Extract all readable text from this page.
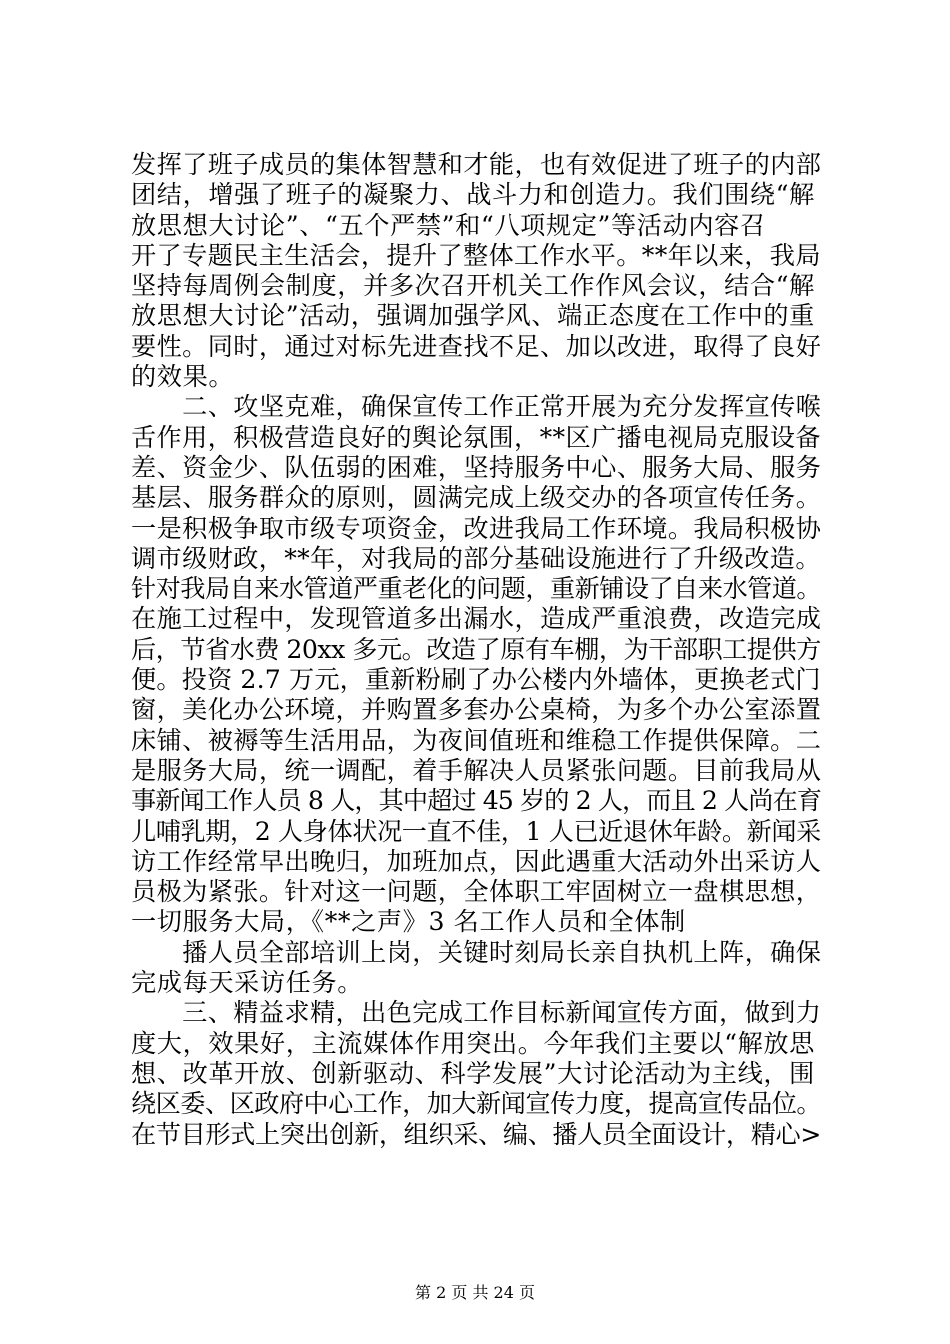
发挥了班子成员的集体智慧和才能，也有效促进了班子的内部
团结，增强了班子的凝聚力、战斗力和创造力。我们围绕“解
放思想大讨论”、“五个严禁”和“八项规定”等活动内容召
开了专题民主生活会，提升了整体工作水平。**年以来，我局
坚持每周例会制度，并多次召开机关工作作风会议，结合“解
放思想大讨论”活动，强调加强学风、端正态度在工作中的重
要性。同时，通过对标先进查找不足、加以改进，取得了良好
的效果。
　　二、攻坚克难，确保宣传工作正常开展为充分发挥宣传喉
舌作用，积极营造良好的舆论氛围，**区广播电视局克服设备
差、资金少、队伍弱的困难，坚持服务中心、服务大局、服务
基层、服务群众的原则，圆满完成上级交办的各项宣传任务。
一是积极争取市级专项资金，改进我局工作环境。我局积极协
调市级财政，**年，对我局的部分基础设施进行了升级改造。
针对我局自来水管道严重老化的问题，重新铺设了自来水管道。
在施工过程中，发现管道多出漏水，造成严重浪费，改造完成
后，节省水费 20xx 多元。改造了原有车棚，为干部职工提供方
便。投资 2.7 万元，重新粉刷了办公楼内外墙体，更换老式门
窗，美化办公环境，并购置多套办公桌椅，为多个办公室添置
床铺、被褥等生活用品，为夜间值班和维稳工作提供保障。二
是服务大局，统一调配，着手解决人员紧张问题。目前我局从
事新闻工作人员 8 人，其中超过 45 岁的 2 人，而且 2 人尚在育
儿哺乳期，2 人身体状况一直不佳，1 人已近退休年龄。新闻采
访工作经常早出晚归，加班加点，因此遇重大活动外出采访人
员极为紧张。针对这一问题，全体职工牢固树立一盘棋思想，
一切服务大局，《**之声》3 名工作人员和全体制
　　播人员全部培训上岗，关键时刻局长亲自执机上阵，确保
完成每天采访任务。
　　三、精益求精，出色完成工作目标新闻宣传方面，做到力
度大，效果好，主流媒体作用突出。今年我们主要以“解放思
想、改革开放、创新驱动、科学发展”大讨论活动为主线，围
绕区委、区政府中心工作，加大新闻宣传力度，提高宣传品位。
在节目形式上突出创新，组织采、编、播人员全面设计，精心>
第 2 页 共 24 页
